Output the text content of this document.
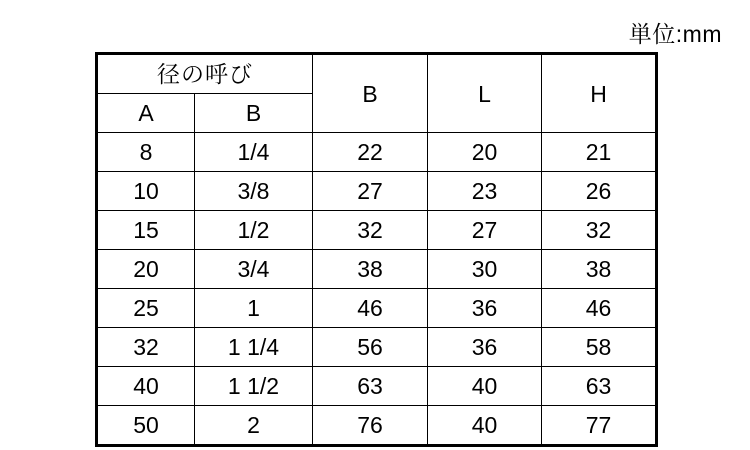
単位:mm
径の呼び		B	L	H
A	B			
8	1/4	22	20	21
10	3/8	27	23	26
15	1/2	32	27	32
20	3/4	38	30	38
25	1	46	36	46
32	1 1/4	56	36	58
40	1 1/2	63	40	63
50	2	76	40	77
